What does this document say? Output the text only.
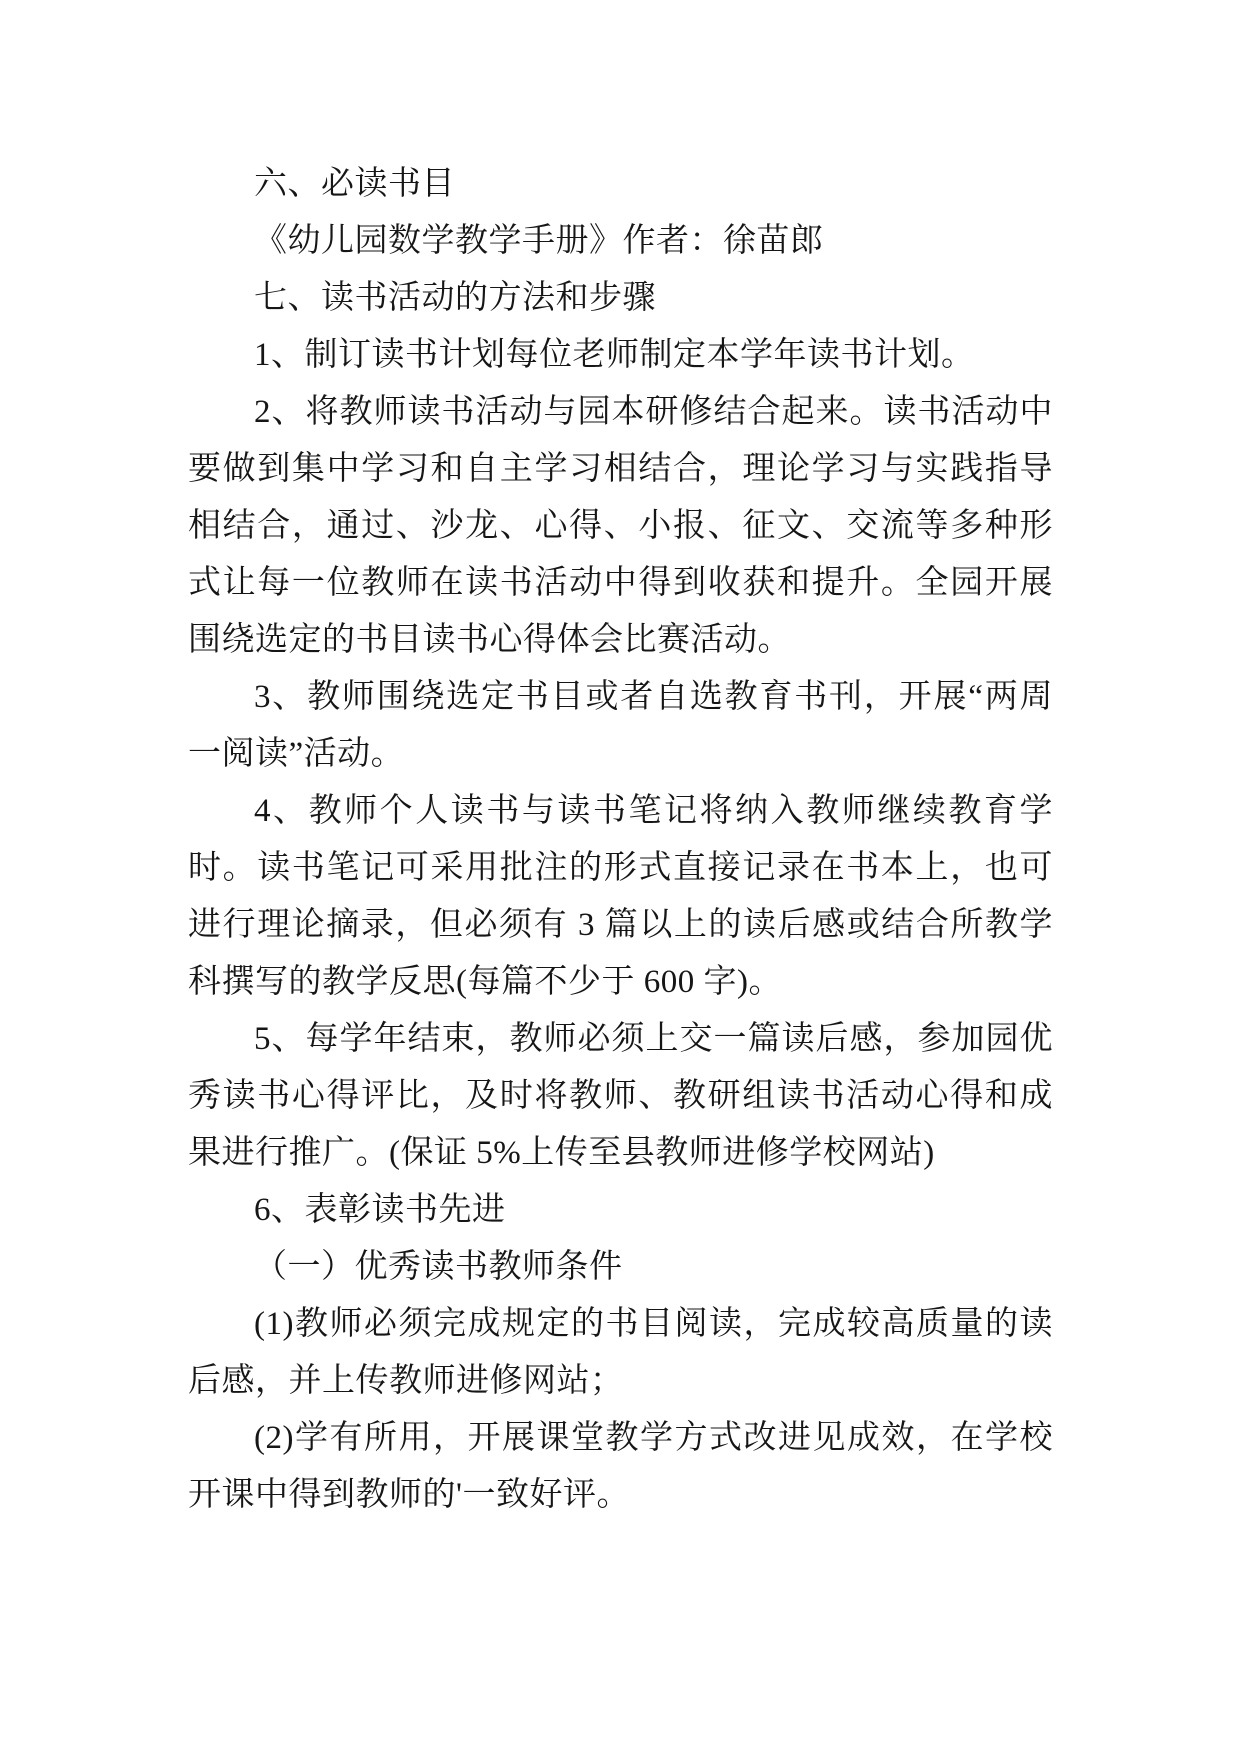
六、必读书目

《幼儿园数学教学手册》作者：徐苗郎

七、读书活动的方法和步骤

1、制订读书计划每位老师制定本学年读书计划。

2、将教师读书活动与园本研修结合起来。读书活动中要做到集中学习和自主学习相结合，理论学习与实践指导相结合，通过、沙龙、心得、小报、征文、交流等多种形式让每一位教师在读书活动中得到收获和提升。全园开展围绕选定的书目读书心得体会比赛活动。

3、教师围绕选定书目或者自选教育书刊，开展“两周一阅读”活动。

4、教师个人读书与读书笔记将纳入教师继续教育学时。读书笔记可采用批注的形式直接记录在书本上，也可进行理论摘录，但必须有 3 篇以上的读后感或结合所教学科撰写的教学反思(每篇不少于 600 字)。

5、每学年结束，教师必须上交一篇读后感，参加园优秀读书心得评比，及时将教师、教研组读书活动心得和成果进行推广。(保证 5%上传至县教师进修学校网站)

6、表彰读书先进

（一）优秀读书教师条件

(1)教师必须完成规定的书目阅读，完成较高质量的读后感，并上传教师进修网站；

(2)学有所用，开展课堂教学方式改进见成效，在学校开课中得到教师的'一致好评。
